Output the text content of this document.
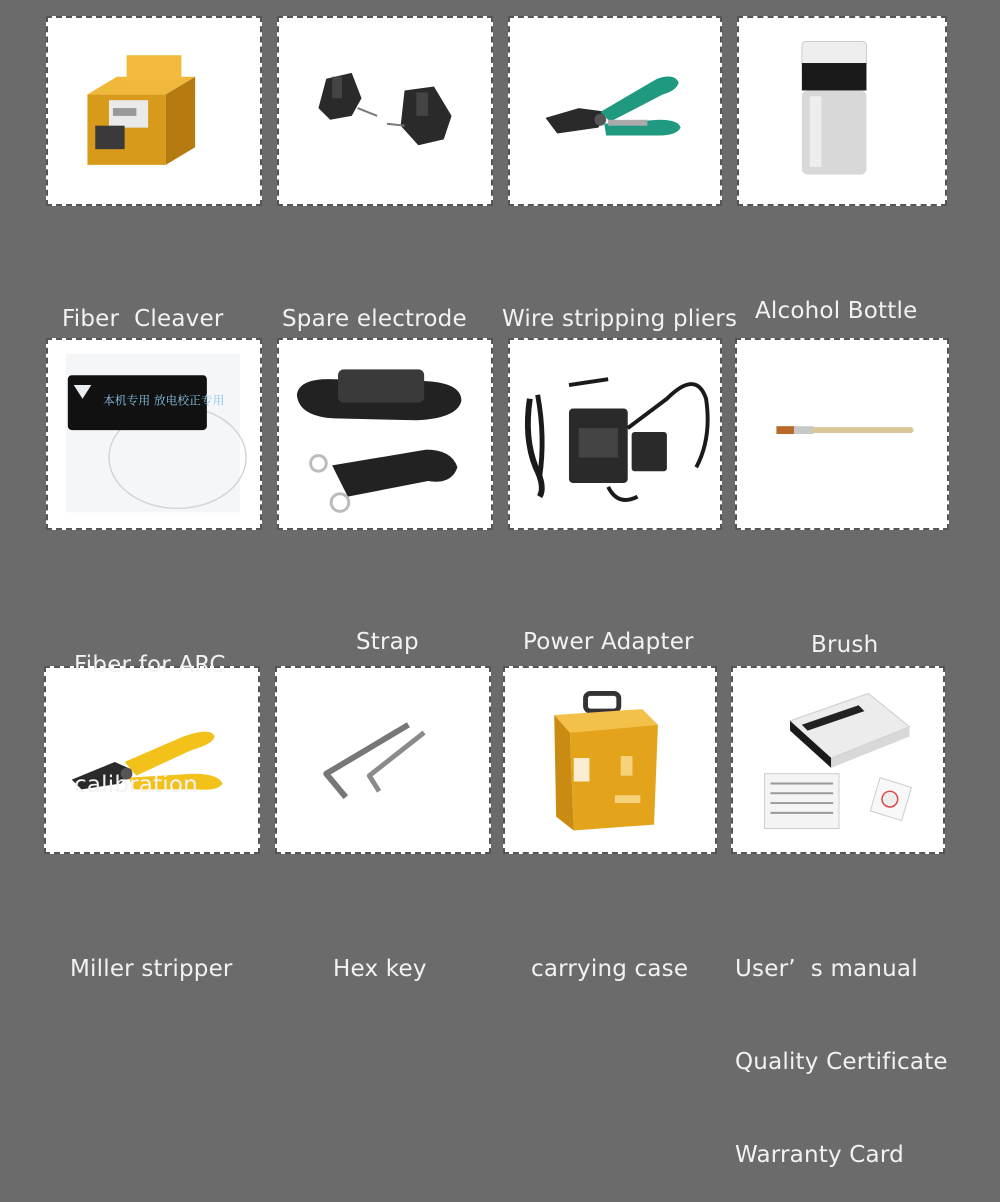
本机专用 放电校正专用

Fiber  Cleaver

	Spare electrode

Wire stripping pliers

Alcohol Bottle

Fiber for ARC

calibration

Strap

	Power Adapter

	Brush

Miller stripper

	Hex key

	carrying case

User’  s manual

Quality Certificate

Warranty Card
